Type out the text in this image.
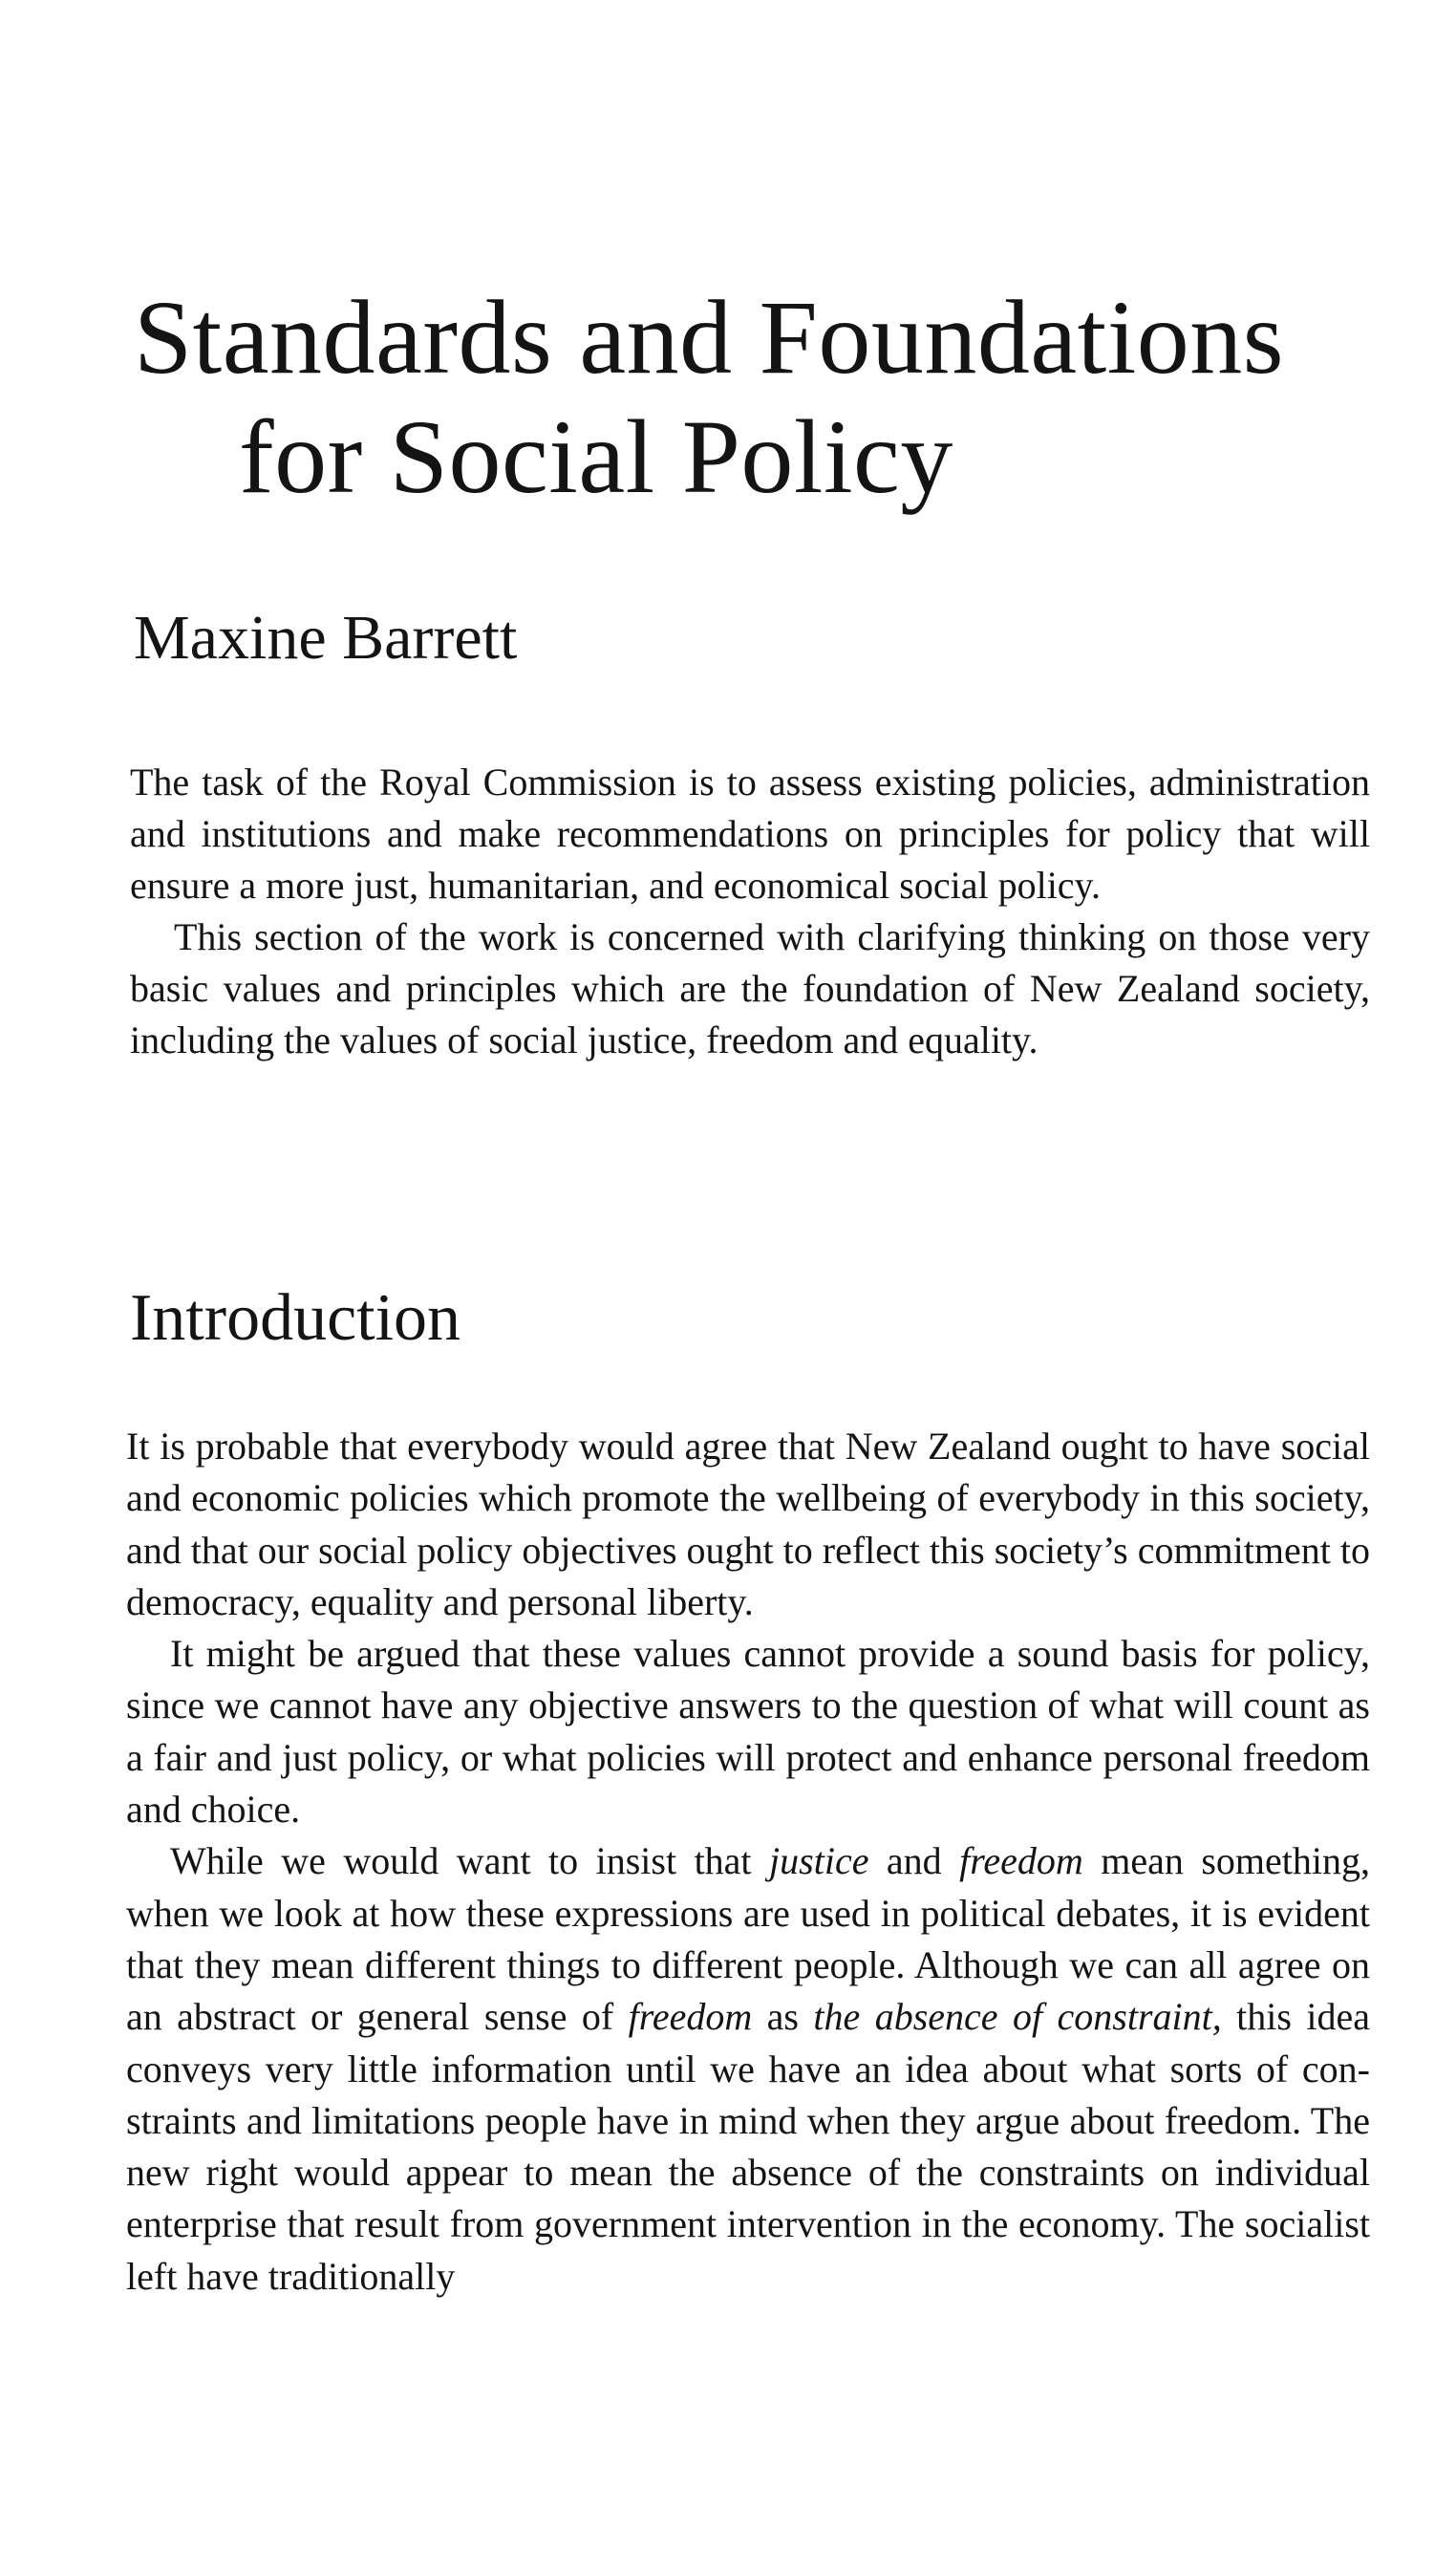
Standards and Foundations
for Social Policy
Maxine Barrett

The task of the Royal Commission is to assess existing policies, administration and institutions and make recommendations on principles for policy that will ensure a more just, humanitarian, and economical social policy.

This section of the work is concerned with clarifying thinking on those very basic values and principles which are the foundation of New Zealand society, including the values of social justice, freedom and equality.

Introduction

It is probable that everybody would agree that New Zealand ought to have social and economic policies which promote the wellbeing of everybody in this society, and that our social policy objectives ought to reflect this society’s commitment to democracy, equality and personal liberty.

It might be argued that these values cannot provide a sound basis for policy, since we cannot have any objective answers to the question of what will count as a fair and just policy, or what policies will protect and enhance personal freedom and choice.

While we would want to insist that justice and freedom mean something, when we look at how these expressions are used in political debates, it is evident that they mean different things to different people. Although we can all agree on an abstract or general sense of freedom as the absence of constraint, this idea conveys very little information until we have an idea about what sorts of constraints and limitations people have in mind when they argue about freedom. The new right would appear to mean the absence of the constraints on individual enterprise that result from government intervention in the economy. The socialist left have traditionally
